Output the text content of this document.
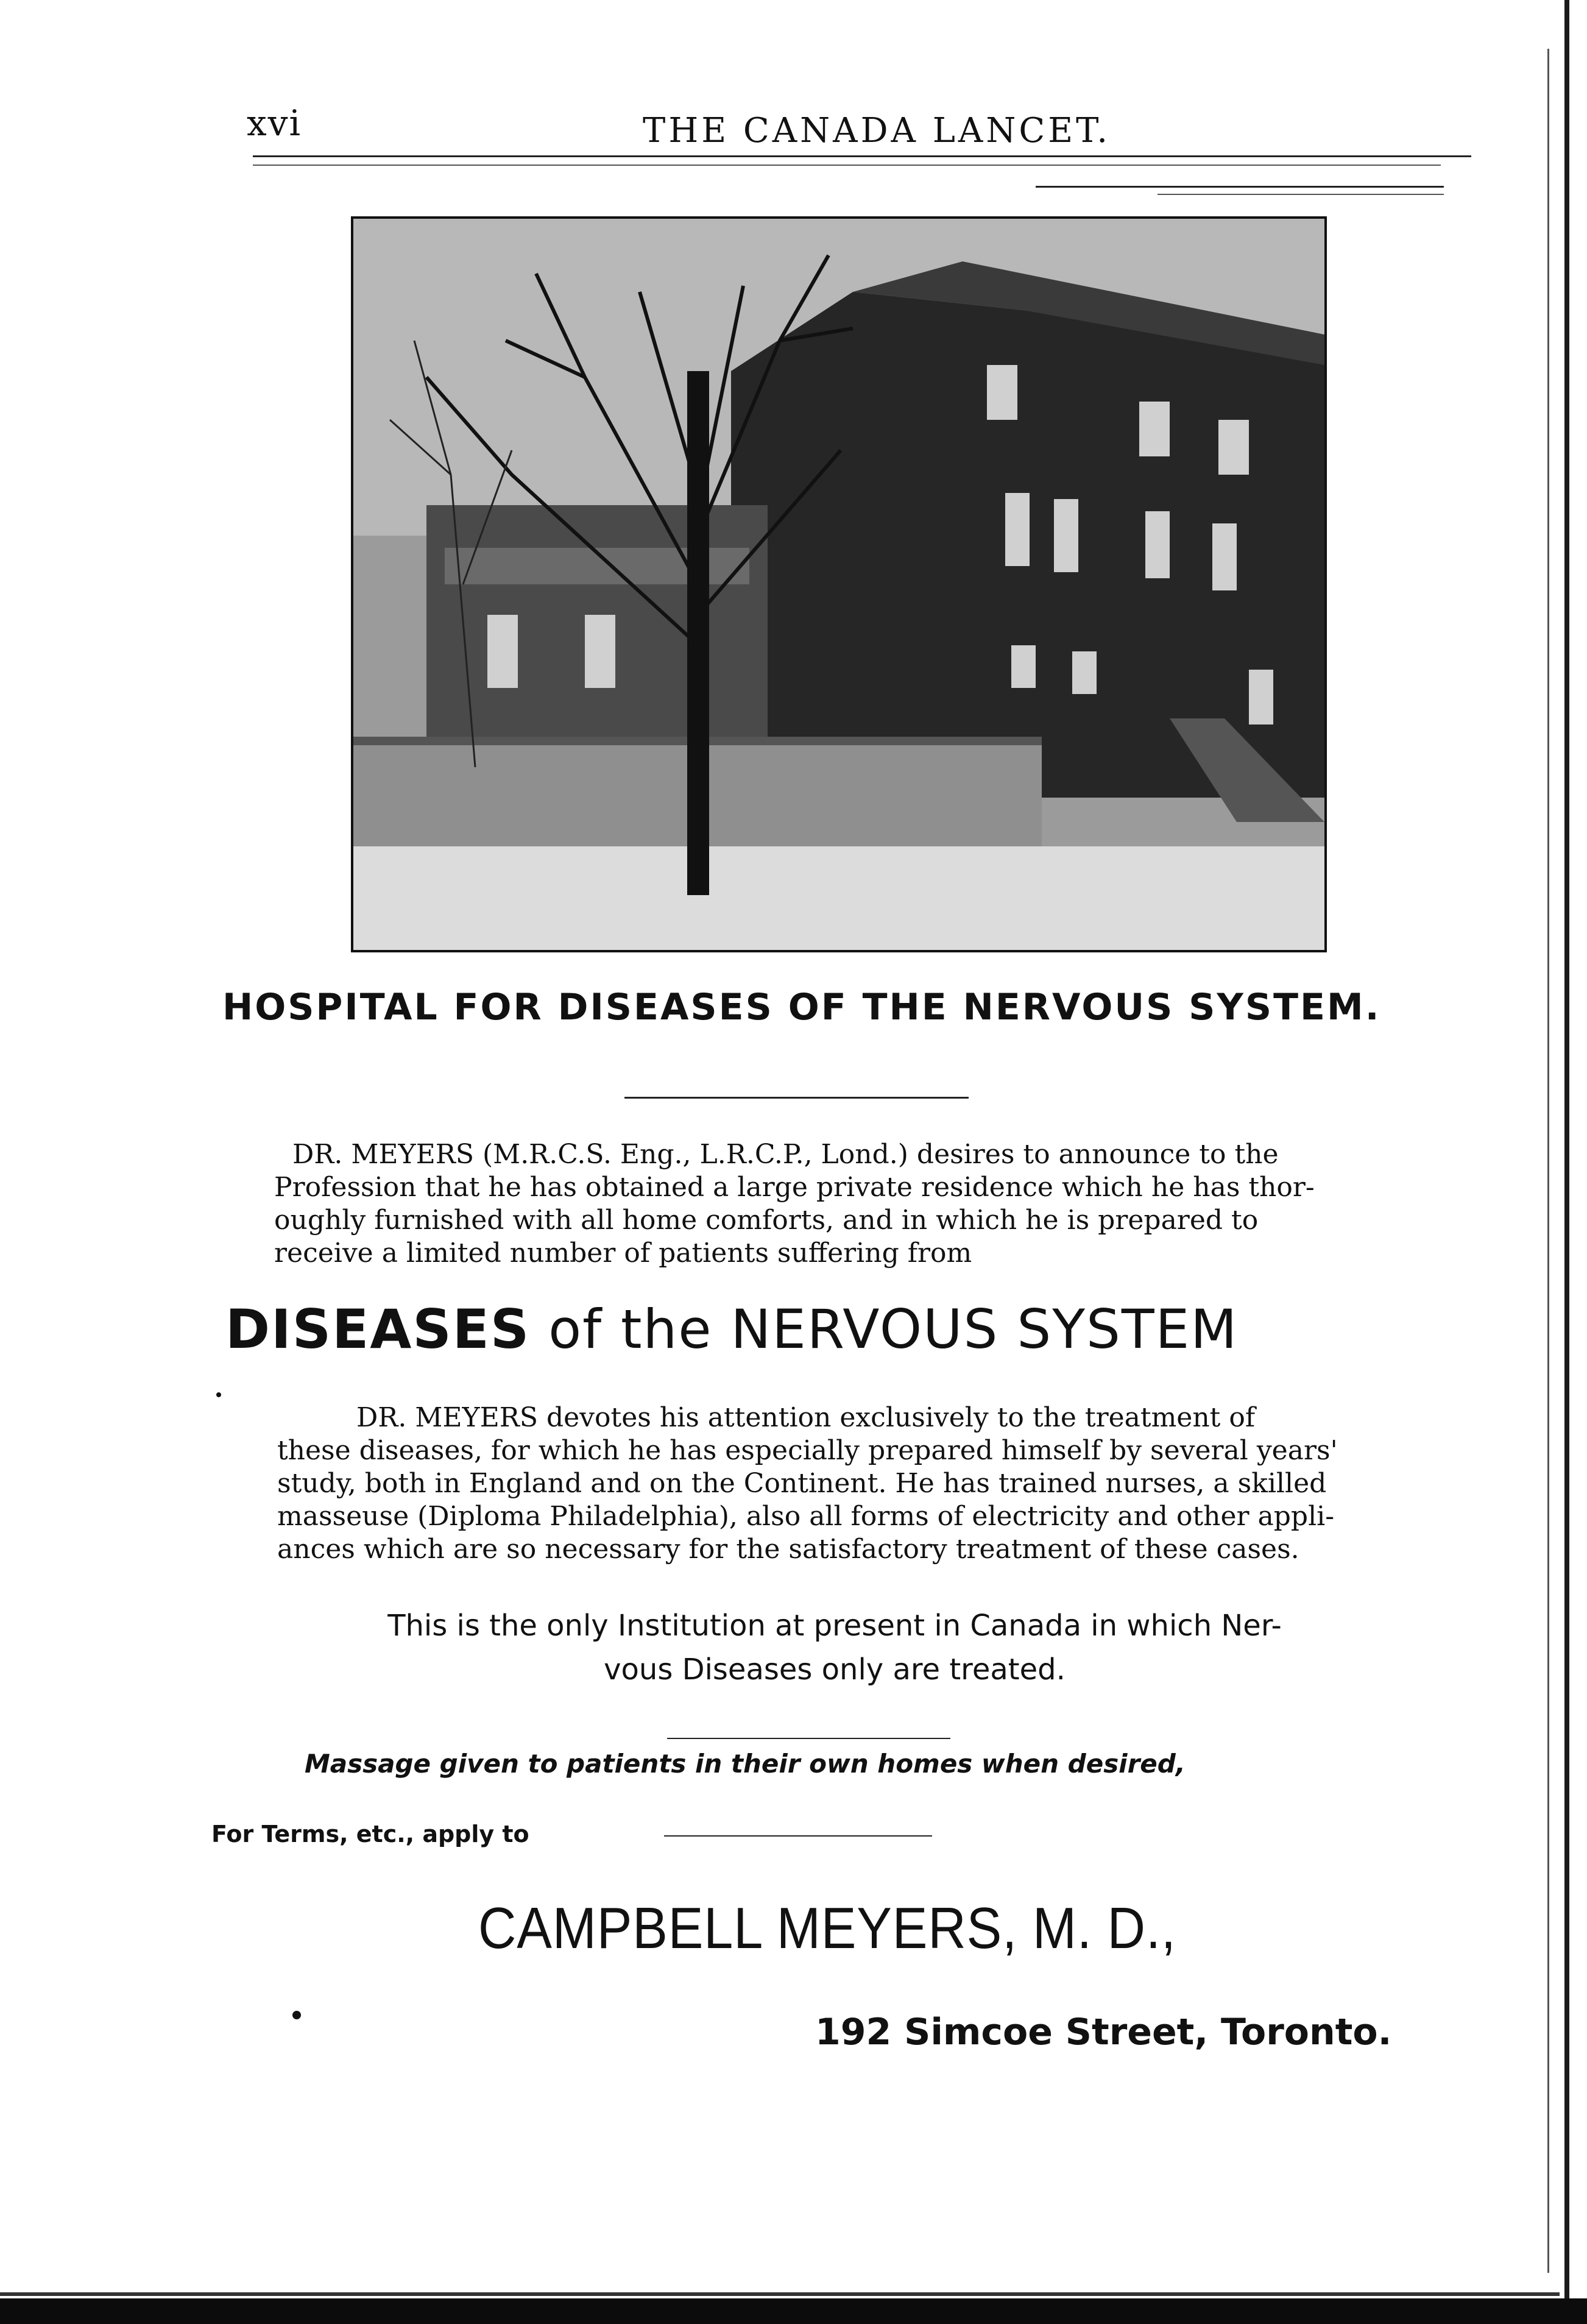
xvi	THE CANADA LANCET.
HOSPITAL FOR DISEASES OF THE NERVOUS SYSTEM.
DR. MEYERS (M.R.C.S. Eng., L.R.C.P., Lond.) desires to announce to the
Profession that he has obtained a large private residence which he has thor-
oughly furnished with all home comforts, and in which he is prepared to
receive a limited number of patients suffering from
DISEASES of the NERVOUS SYSTEM
DR. MEYERS devotes his attention exclusively to the treatment of
these diseases, for which he has especially prepared himself by several years'
study, both in England and on the Continent. He has trained nurses, a skilled
masseuse (Diploma Philadelphia), also all forms of electricity and other appli-
ances which are so necessary for the satisfactory treatment of these cases.
This is the only Institution at present in Canada in which Ner-
vous Diseases only are treated.
Massage given to patients in their own homes when desired,
For Terms, etc., apply to
CAMPBELL MEYERS, M. D.,
192 Simcoe Street, Toronto.
